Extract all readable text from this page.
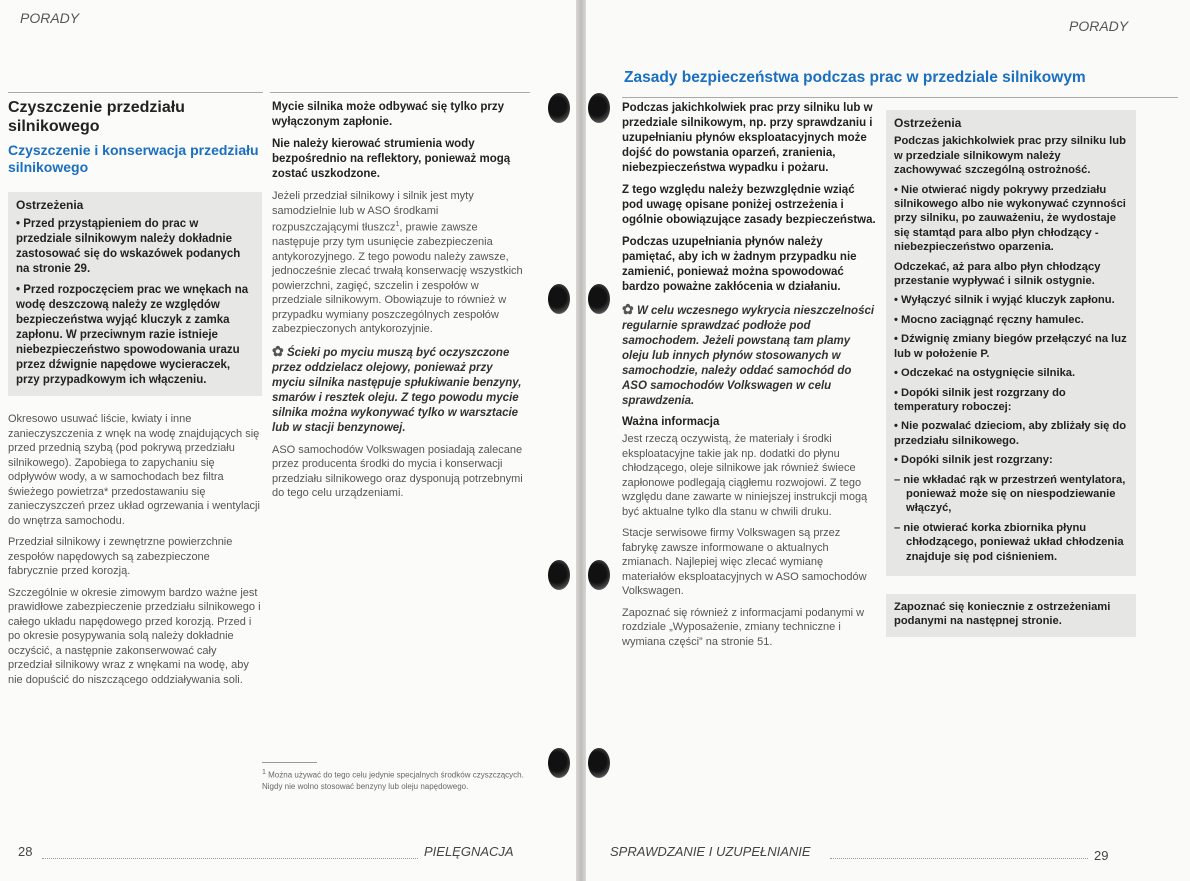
PORADY
Czyszczenie przedziału silnikowego
Czyszczenie i konserwacja przedziału silnikowego
Ostrzeżenia

• Przed przystąpieniem do prac w przedziale silnikowym należy dokładnie zastosować się do wskazówek podanych na stronie 29.

• Przed rozpoczęciem prac we wnękach na wodę deszczową należy ze względów bezpieczeństwa wyjąć kluczyk z zamka zapłonu. W przeciwnym razie istnieje niebezpieczeństwo spowodowania urazu przez dźwignie napędowe wycieraczek, przy przypadkowym ich włączeniu.

Okresowo usuwać liście, kwiaty i inne zanieczyszczenia z wnęk na wodę znajdujących się przed przednią szybą (pod pokrywą przedziału silnikowego). Zapobiega to zapychaniu się odpływów wody, a w samochodach bez filtra świeżego powietrza* przedostawaniu się zanieczyszczeń przez układ ogrzewania i wentylacji do wnętrza samochodu.

Przedział silnikowy i zewnętrzne powierzchnie zespołów napędowych są zabezpieczone fabrycznie przed korozją.

Szczególnie w okresie zimowym bardzo ważne jest prawidłowe zabezpieczenie przedziału silnikowego i całego układu napędowego przed korozją. Przed i po okresie posypywania solą należy dokładnie oczyścić, a następnie zakonserwować cały przedział silnikowy wraz z wnękami na wodę, aby nie dopuścić do niszczącego oddziaływania soli.

Mycie silnika może odbywać się tylko przy wyłączonym zapłonie.

Nie należy kierować strumienia wody bezpośrednio na reflektory, ponieważ mogą zostać uszkodzone.

Jeżeli przedział silnikowy i silnik jest myty samodzielnie lub w ASO środkami rozpuszczającymi tłuszcz$^1$, prawie zawsze następuje przy tym usunięcie zabezpieczenia antykorozyjnego. Z tego powodu należy zawsze, jednocześnie zlecać trwałą konserwację wszystkich powierzchni, zagięć, szczelin i zespołów w przedziale silnikowym. Obowiązuje to również w przypadku wymiany poszczególnych zespołów zabezpieczonych antykorozyjnie.

✿ Ścieki po myciu muszą być oczyszczone przez oddzielacz olejowy, ponieważ przy myciu silnika następuje spłukiwanie benzyny, smarów i resztek oleju. Z tego powodu mycie silnika można wykonywać tylko w warsztacie lub w stacji benzynowej.

ASO samochodów Volkswagen posiadają zalecane przez producenta środki do mycia i konserwacji przedziału silnikowego oraz dysponują potrzebnymi do tego celu urządzeniami.

$^1$ Można używać do tego celu jedynie specjalnych środków czyszczących. Nigdy nie wolno stosować benzyny lub oleju napędowego.
28	PIELĘGNACJA
PORADY
Zasady bezpieczeństwa podczas prac w przedziale silnikowym

Podczas jakichkolwiek prac przy silniku lub w przedziale silnikowym, np. przy sprawdzaniu i uzupełnianiu płynów eksploatacyjnych może dojść do powstania oparzeń, zranienia, niebezpieczeństwa wypadku i pożaru.

Z tego względu należy bezwzględnie wziąć pod uwagę opisane poniżej ostrzeżenia i ogólnie obowiązujące zasady bezpieczeństwa.

Podczas uzupełniania płynów należy pamiętać, aby ich w żadnym przypadku nie zamienić, ponieważ można spowodować bardzo poważne zakłócenia w działaniu.

✿ W celu wczesnego wykrycia nieszczelności regularnie sprawdzać podłoże pod samochodem. Jeżeli powstaną tam plamy oleju lub innych płynów stosowanych w samochodzie, należy oddać samochód do ASO samochodów Volkswagen w celu sprawdzenia.

Ważna informacja

Jest rzeczą oczywistą, że materiały i środki eksploatacyjne takie jak np. dodatki do płynu chłodzącego, oleje silnikowe jak również świece zapłonowe podlegają ciągłemu rozwojowi. Z tego względu dane zawarte w niniejszej instrukcji mogą być aktualne tylko dla stanu w chwili druku.

Stacje serwisowe firmy Volkswagen są przez fabrykę zawsze informowane o aktualnych zmianach. Najlepiej więc zlecać wymianę materiałów eksploatacyjnych w ASO samochodów Volkswagen.

Zapoznać się również z informacjami podanymi w rozdziale „Wyposażenie, zmiany techniczne i wymiana części” na stronie 51.

Ostrzeżenia

Podczas jakichkolwiek prac przy silniku lub w przedziale silnikowym należy zachowywać szczególną ostrożność.

• Nie otwierać nigdy pokrywy przedziału silnikowego albo nie wykonywać czynności przy silniku, po zauważeniu, że wydostaje się stamtąd para albo płyn chłodzący - niebezpieczeństwo oparzenia.

Odczekać, aż para albo płyn chłodzący przestanie wypływać i silnik ostygnie.

• Wyłączyć silnik i wyjąć kluczyk zapłonu.

• Mocno zaciągnąć ręczny hamulec.

• Dźwignię zmiany biegów przełączyć na luz lub w położenie P.

• Odczekać na ostygnięcie silnika.

• Dopóki silnik jest rozgrzany do temperatury roboczej:

• Nie pozwalać dzieciom, aby zbliżały się do przedziału silnikowego.

• Dopóki silnik jest rozgrzany:

– nie wkładać rąk w przestrzeń wentylatora, ponieważ może się on niespodziewanie włączyć,

– nie otwierać korka zbiornika płynu chłodzącego, ponieważ układ chłodzenia znajduje się pod ciśnieniem.

Zapoznać się koniecznie z ostrzeżeniami podanymi na następnej stronie.
SPRAWDZANIE I UZUPEŁNIANIE	29
